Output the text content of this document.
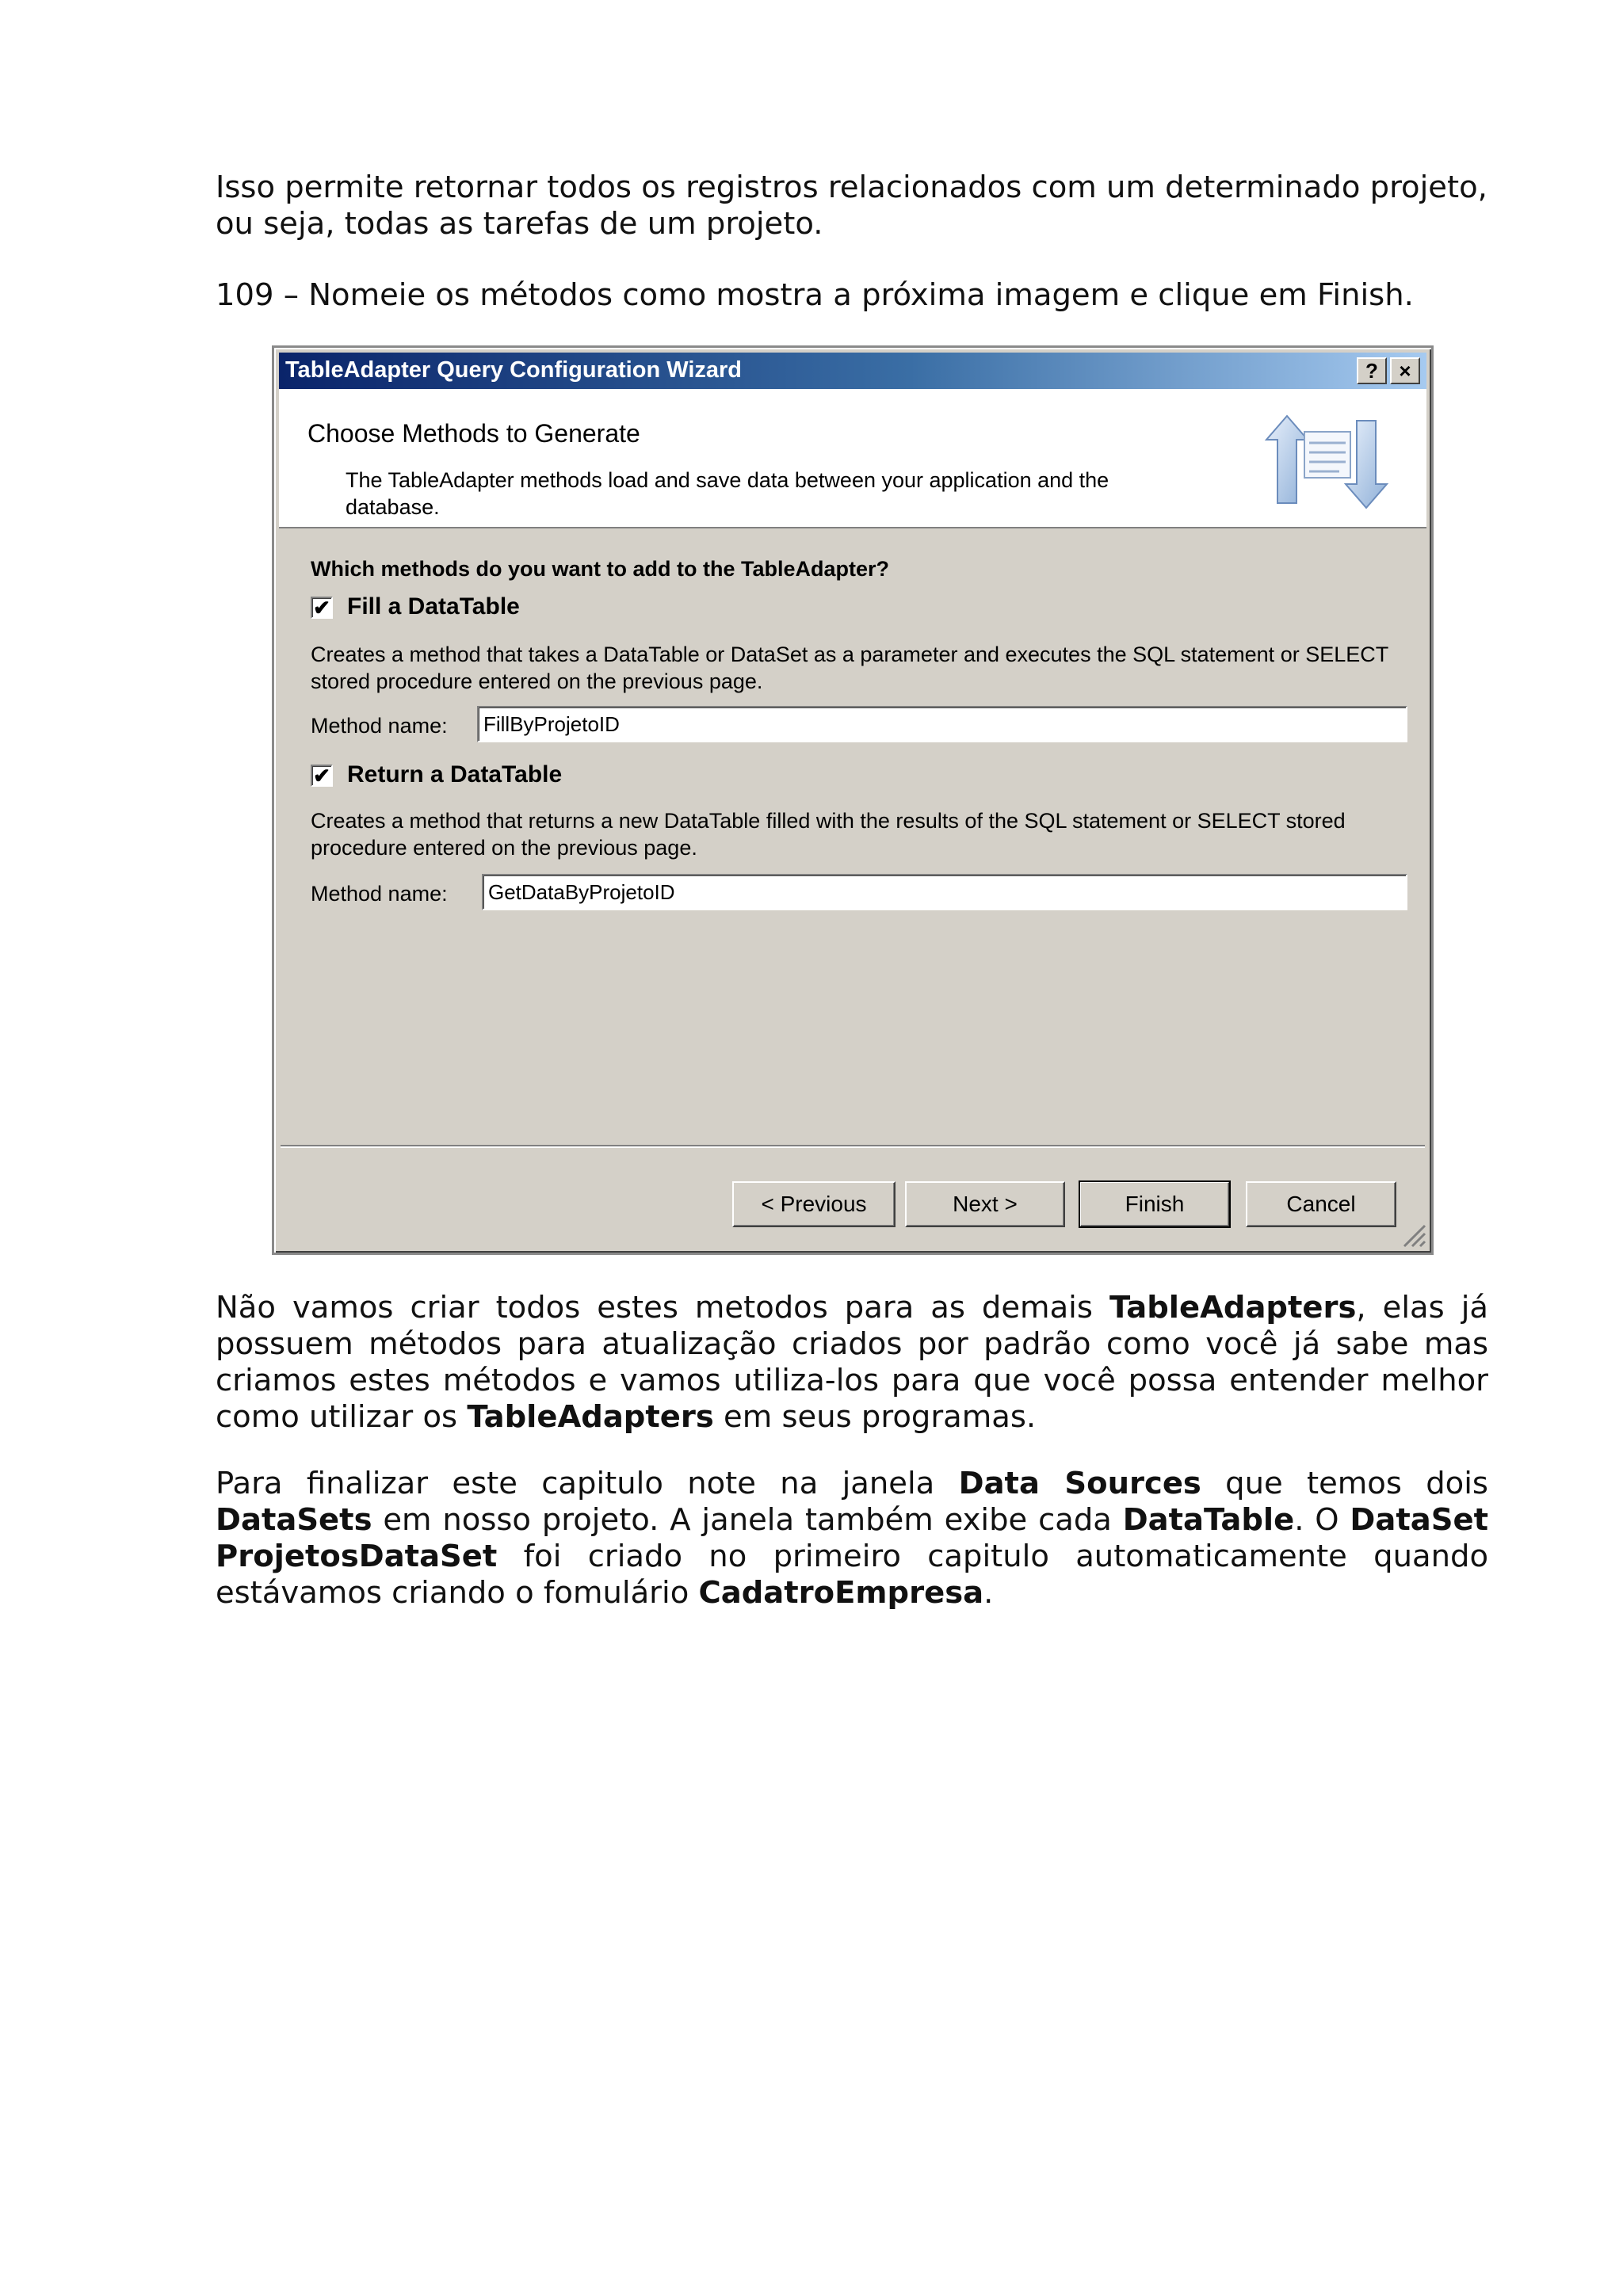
Isso permite retornar todos os registros relacionados com um determinado projeto, ou seja, todas as tarefas de um projeto.

109 – Nomeie os métodos como mostra a próxima imagem e clique em Finish.

TableAdapter Query Configuration Wizard	?	×
Choose Methods to Generate
The TableAdapter methods load and save data between your application and the database.
Which methods do you want to add to the TableAdapter?
✔ Fill a DataTable
Creates a method that takes a DataTable or DataSet as a parameter and executes the SQL statement or SELECT stored procedure entered on the previous page.
Method name:	FillByProjetoID
✔ Return a DataTable
Creates a method that returns a new DataTable filled with the results of the SQL statement or SELECT stored procedure entered on the previous page.
Method name:	GetDataByProjetoID
< Previous	Next >	Finish	Cancel

Não vamos criar todos estes metodos para as demais TableAdapters, elas já possuem métodos para atualização criados por padrão como você já sabe mas criamos estes métodos e vamos utiliza-los para que você possa entender melhor como utilizar os TableAdapters em seus programas.

Para finalizar este capitulo note na janela Data Sources que temos dois DataSets em nosso projeto. A janela também exibe cada DataTable. O DataSet ProjetosDataSet foi criado no primeiro capitulo automaticamente quando estávamos criando o fomulário CadatroEmpresa.
